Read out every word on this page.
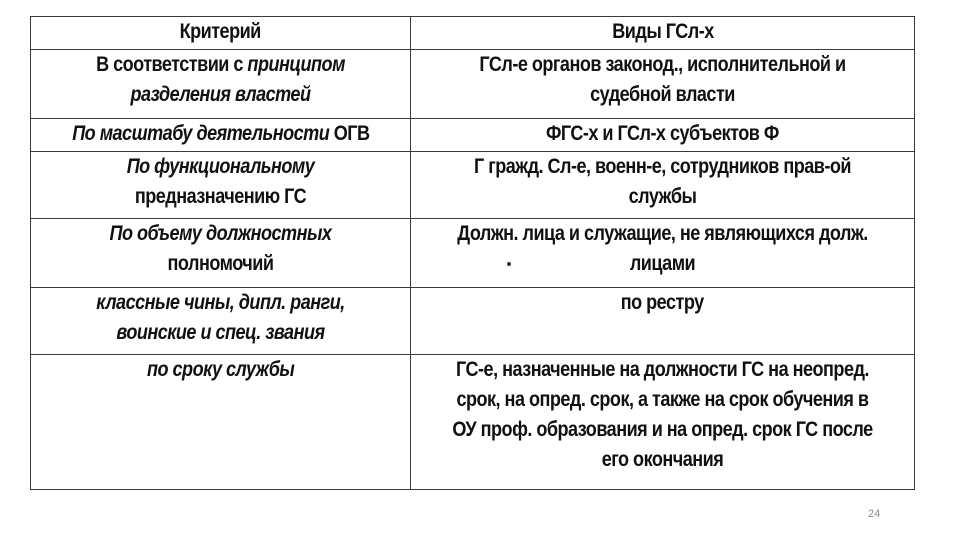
Критерий	Виды ГСл-х
В соответствии с принципом разделения властей	ГСл-е органов законод., исполнительной и судебной власти
По масштабу деятельности ОГВ	ФГС-х и ГСл-х субъектов Ф
По функциональному предназначению ГС	Г гражд. Сл-е, военн-е, сотрудников прав-ой службы
По объему должностных полномочий	Должн. лица и служащие, не являющихся долж. лицами
классные чины, дипл. ранги, воинские и спец. звания	по рестру
по сроку службы	ГС-е, назначенные на должности ГС на неопред. срок, на опред. срок, а также на срок обучения в ОУ проф. образования и на опред. срок ГС после его окончания
24
